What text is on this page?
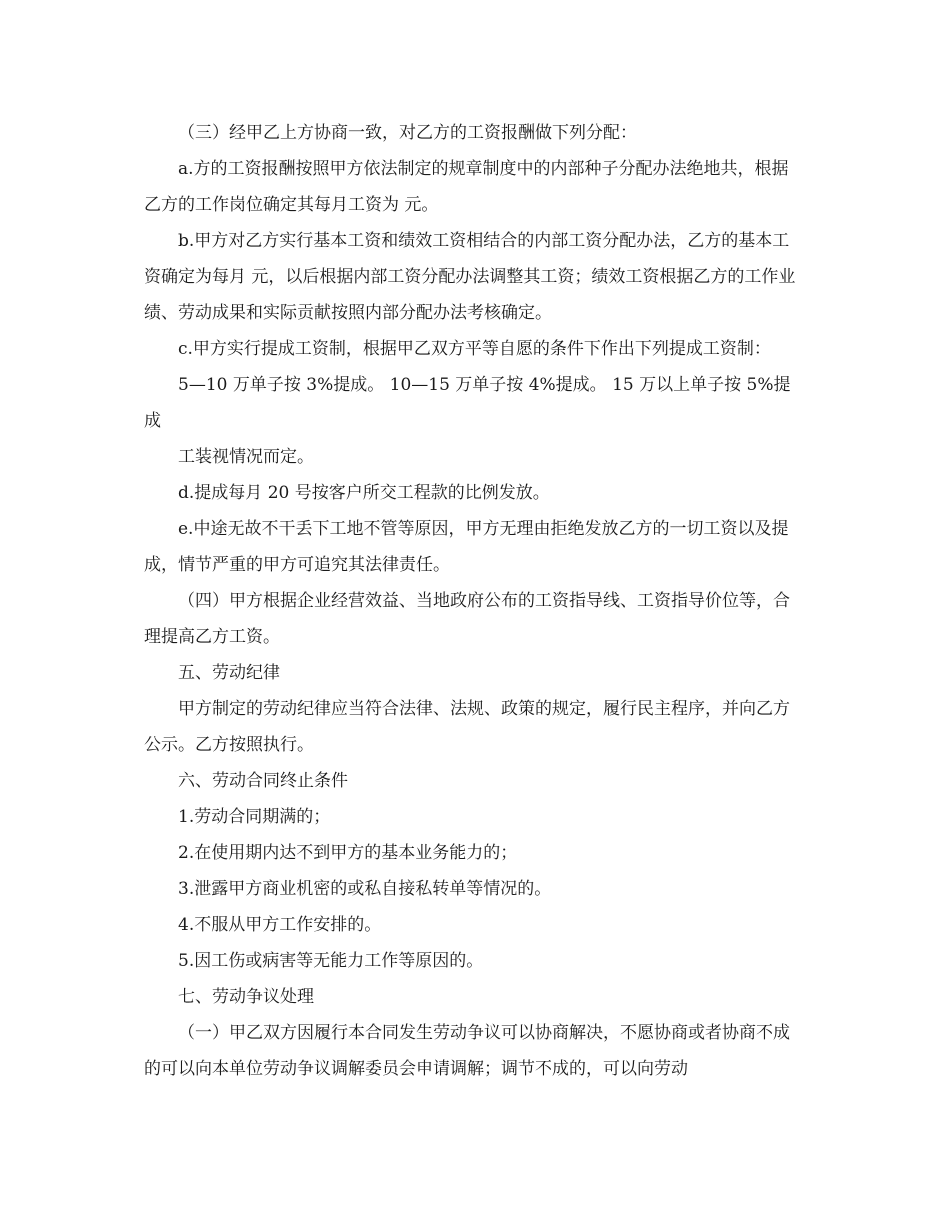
（三）经甲乙上方协商一致，对乙方的工资报酬做下列分配：

a.方的工资报酬按照甲方依法制定的规章制度中的内部种子分配办法绝地共，根据乙方的工作岗位确定其每月工资为 元。

b.甲方对乙方实行基本工资和绩效工资相结合的内部工资分配办法，乙方的基本工资确定为每月 元，以后根据内部工资分配办法调整其工资；绩效工资根据乙方的工作业绩、劳动成果和实际贡献按照内部分配办法考核确定。

c.甲方实行提成工资制，根据甲乙双方平等自愿的条件下作出下列提成工资制：

5—10 万单子按 3%提成。 10—15 万单子按 4%提成。 15 万以上单子按 5%提成

工装视情况而定。

d.提成每月 20 号按客户所交工程款的比例发放。

e.中途无故不干丢下工地不管等原因，甲方无理由拒绝发放乙方的一切工资以及提成，情节严重的甲方可追究其法律责任。

（四）甲方根据企业经营效益、当地政府公布的工资指导线、工资指导价位等，合理提高乙方工资。

五、劳动纪律

甲方制定的劳动纪律应当符合法律、法规、政策的规定，履行民主程序，并向乙方公示。乙方按照执行。

六、劳动合同终止条件

1.劳动合同期满的；

2.在使用期内达不到甲方的基本业务能力的；

3.泄露甲方商业机密的或私自接私转单等情况的。

4.不服从甲方工作安排的。

5.因工伤或病害等无能力工作等原因的。

七、劳动争议处理

（一）甲乙双方因履行本合同发生劳动争议可以协商解决，不愿协商或者协商不成的可以向本单位劳动争议调解委员会申请调解；调节不成的，可以向劳动
